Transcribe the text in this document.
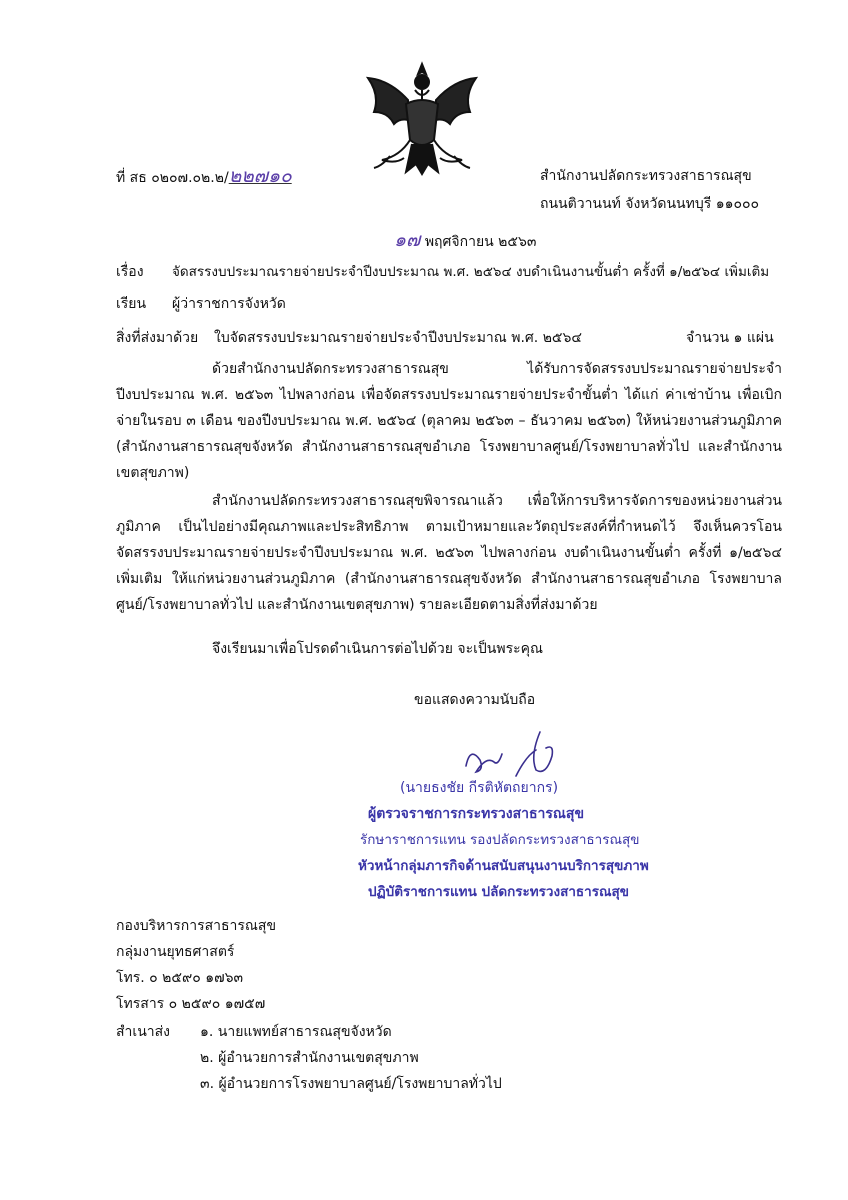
ที่ สธ ๐๒๐๗.๐๒.๒/๒๒๗๑๐	สำนักงานปลัดกระทรวงสาธารณสุข
ถนนติวานนท์ จังหวัดนนทบุรี ๑๑๐๐๐
๑๗ พฤศจิกายน ๒๕๖๓
เรื่อง จัดสรรงบประมาณรายจ่ายประจำปีงบประมาณ พ.ศ. ๒๕๖๔ งบดำเนินงานขั้นต่ำ ครั้งที่ ๑/๒๕๖๔ เพิ่มเติม
เรียน ผู้ว่าราชการจังหวัด
สิ่งที่ส่งมาด้วย ใบจัดสรรงบประมาณรายจ่ายประจำปีงบประมาณ พ.ศ. ๒๕๖๔	จำนวน ๑ แผ่น

ด้วยสำนักงานปลัดกระทรวงสาธารณสุข ได้รับการจัดสรรงบประมาณรายจ่ายประจำปีงบประมาณ พ.ศ. ๒๕๖๓ ไปพลางก่อน เพื่อจัดสรรงบประมาณรายจ่ายประจำขั้นต่ำ ได้แก่ ค่าเช่าบ้าน เพื่อเบิกจ่ายในรอบ ๓ เดือน ของปีงบประมาณ พ.ศ. ๒๕๖๔ (ตุลาคม ๒๕๖๓ – ธันวาคม ๒๕๖๓) ให้หน่วยงานส่วนภูมิภาค (สำนักงานสาธารณสุขจังหวัด สำนักงานสาธารณสุขอำเภอ โรงพยาบาลศูนย์/โรงพยาบาลทั่วไป และสำนักงานเขตสุขภาพ)

สำนักงานปลัดกระทรวงสาธารณสุขพิจารณาแล้ว เพื่อให้การบริหารจัดการของหน่วยงานส่วนภูมิภาค เป็นไปอย่างมีคุณภาพและประสิทธิภาพ ตามเป้าหมายและวัตถุประสงค์ที่กำหนดไว้ จึงเห็นควรโอนจัดสรรงบประมาณรายจ่ายประจำปีงบประมาณ พ.ศ. ๒๕๖๓ ไปพลางก่อน งบดำเนินงานขั้นต่ำ ครั้งที่ ๑/๒๕๖๔ เพิ่มเติม ให้แก่หน่วยงานส่วนภูมิภาค (สำนักงานสาธารณสุขจังหวัด สำนักงานสาธารณสุขอำเภอ โรงพยาบาลศูนย์/โรงพยาบาลทั่วไป และสำนักงานเขตสุขภาพ) รายละเอียดตามสิ่งที่ส่งมาด้วย

จึงเรียนมาเพื่อโปรดดำเนินการต่อไปด้วย จะเป็นพระคุณ

ขอแสดงความนับถือ
(นายธงชัย กีรติหัตถยากร)
ผู้ตรวจราชการกระทรวงสาธารณสุข
รักษาราชการแทน รองปลัดกระทรวงสาธารณสุข
หัวหน้ากลุ่มภารกิจด้านสนับสนุนงานบริการสุขภาพ
ปฏิบัติราชการแทน ปลัดกระทรวงสาธารณสุข
กองบริหารการสาธารณสุข
กลุ่มงานยุทธศาสตร์
โทร. ๐ ๒๕๙๐ ๑๗๖๓
โทรสาร ๐ ๒๕๙๐ ๑๗๕๗
สำเนาส่ง ๑. นายแพทย์สาธารณสุขจังหวัด
๒. ผู้อำนวยการสำนักงานเขตสุขภาพ
๓. ผู้อำนวยการโรงพยาบาลศูนย์/โรงพยาบาลทั่วไป
